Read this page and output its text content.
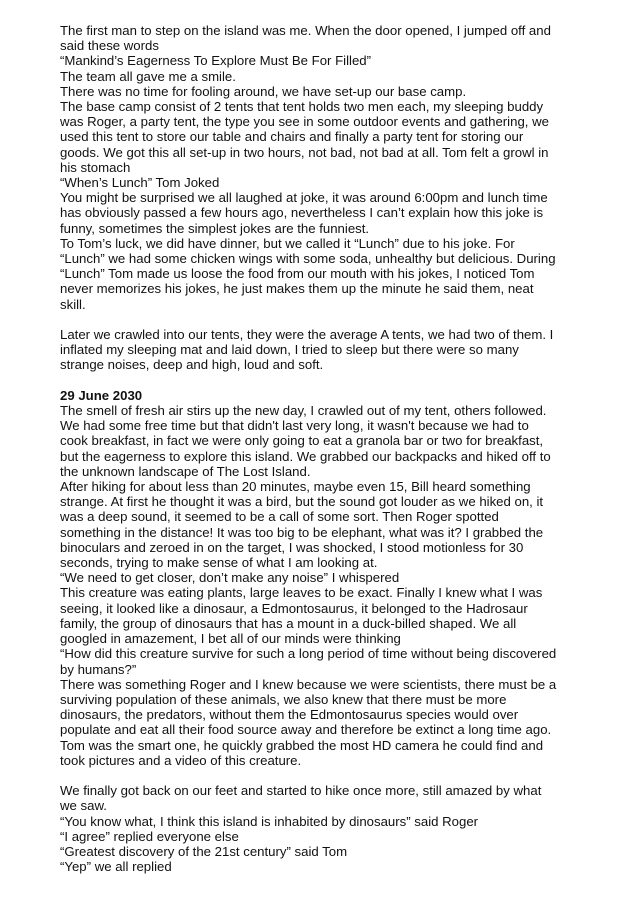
The first man to step on the island was me. When the door opened, I jumped off and
said these words
“Mankind’s Eagerness To Explore Must Be For Filled”
The team all gave me a smile.
There was no time for fooling around, we have set-up our base camp.
The base camp consist of 2 tents that tent holds two men each, my sleeping buddy
was Roger, a party tent, the type you see in some outdoor events and gathering, we
used this tent to store our table and chairs and finally a party tent for storing our
goods. We got this all set-up in two hours, not bad, not bad at all. Tom felt a growl in
his stomach
“When’s Lunch” Tom Joked
You might be surprised we all laughed at joke, it was around 6:00pm and lunch time
has obviously passed a few hours ago, nevertheless I can’t explain how this joke is
funny, sometimes the simplest jokes are the funniest.
To Tom’s luck, we did have dinner, but we called it “Lunch” due to his joke. For
“Lunch” we had some chicken wings with some soda, unhealthy but delicious. During
“Lunch” Tom made us loose the food from our mouth with his jokes, I noticed Tom
never memorizes his jokes, he just makes them up the minute he said them, neat
skill.
Later we crawled into our tents, they were the average A tents, we had two of them. I
inflated my sleeping mat and laid down, I tried to sleep but there were so many
strange noises, deep and high, loud and soft.
29 June 2030
The smell of fresh air stirs up the new day, I crawled out of my tent, others followed.
We had some free time but that didn't last very long, it wasn't because we had to
cook breakfast, in fact we were only going to eat a granola bar or two for breakfast,
but the eagerness to explore this island. We grabbed our backpacks and hiked off to
the unknown landscape of The Lost Island.
After hiking for about less than 20 minutes, maybe even 15, Bill heard something
strange. At first he thought it was a bird, but the sound got louder as we hiked on, it
was a deep sound, it seemed to be a call of some sort. Then Roger spotted
something in the distance! It was too big to be elephant, what was it? I grabbed the
binoculars and zeroed in on the target, I was shocked, I stood motionless for 30
seconds, trying to make sense of what I am looking at.
“We need to get closer, don’t make any noise” I whispered
This creature was eating plants, large leaves to be exact. Finally I knew what I was
seeing, it looked like a dinosaur, a Edmontosaurus, it belonged to the Hadrosaur
family, the group of dinosaurs that has a mount in a duck-billed shaped. We all
googled in amazement, I bet all of our minds were thinking
“How did this creature survive for such a long period of time without being discovered
by humans?”
There was something Roger and I knew because we were scientists, there must be a
surviving population of these animals, we also knew that there must be more
dinosaurs, the predators, without them the Edmontosaurus species would over
populate and eat all their food source away and therefore be extinct a long time ago.
Tom was the smart one, he quickly grabbed the most HD camera he could find and
took pictures and a video of this creature.
We finally got back on our feet and started to hike once more, still amazed by what
we saw.
“You know what, I think this island is inhabited by dinosaurs” said Roger
“I agree” replied everyone else
“Greatest discovery of the 21st century” said Tom
“Yep” we all replied
